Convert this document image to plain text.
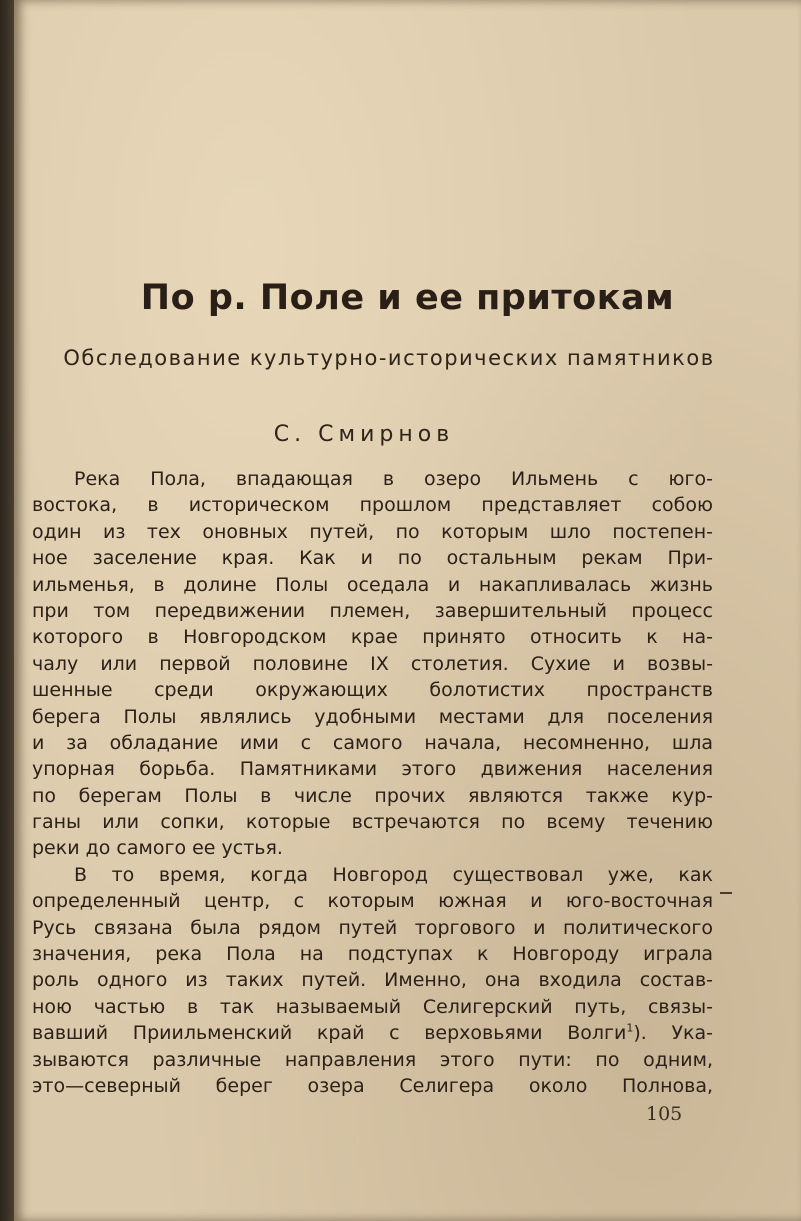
По р. Поле и ее притокам
Обследование культурно-исторических памятников
С. Смирнов
Река Пола, впадающая в озеро Ильмень с юго-
востока, в историческом прошлом представляет собою
один из тех оновных путей, по которым шло постепен-
ное заселение края. Как и по остальным рекам При-
ильменья, в долине Полы оседала и накапливалась жизнь
при том передвижении племен, завершительный процесс
которого в Новгородском крае принято относить к на-
чалу или первой половине IX столетия. Сухие и возвы-
шенные среди окружающих болотистих пространств
берега Полы являлись удобными местами для поселения
и за обладание ими с самого начала, несомненно, шла
упорная борьба. Памятниками этого движения населения
по берегам Полы в числе прочих являются также кур-
ганы или сопки, которые встречаются по всему течению
реки до самого ее устья.
В то время, когда Новгород существовал уже, как
определенный центр, с которым южная и юго-восточная
Русь связана была рядом путей торгового и политического
значения, река Пола на подступах к Новгороду играла
роль одного из таких путей. Именно, она входила состав-
ною частью в так называемый Селигерский путь, связы-
вавший Приильменский край с верховьями Волги$^1$). Ука-
зываются различные направления этого пути: по одним,
это—северный берег озера Селигера около Полнова,
105
